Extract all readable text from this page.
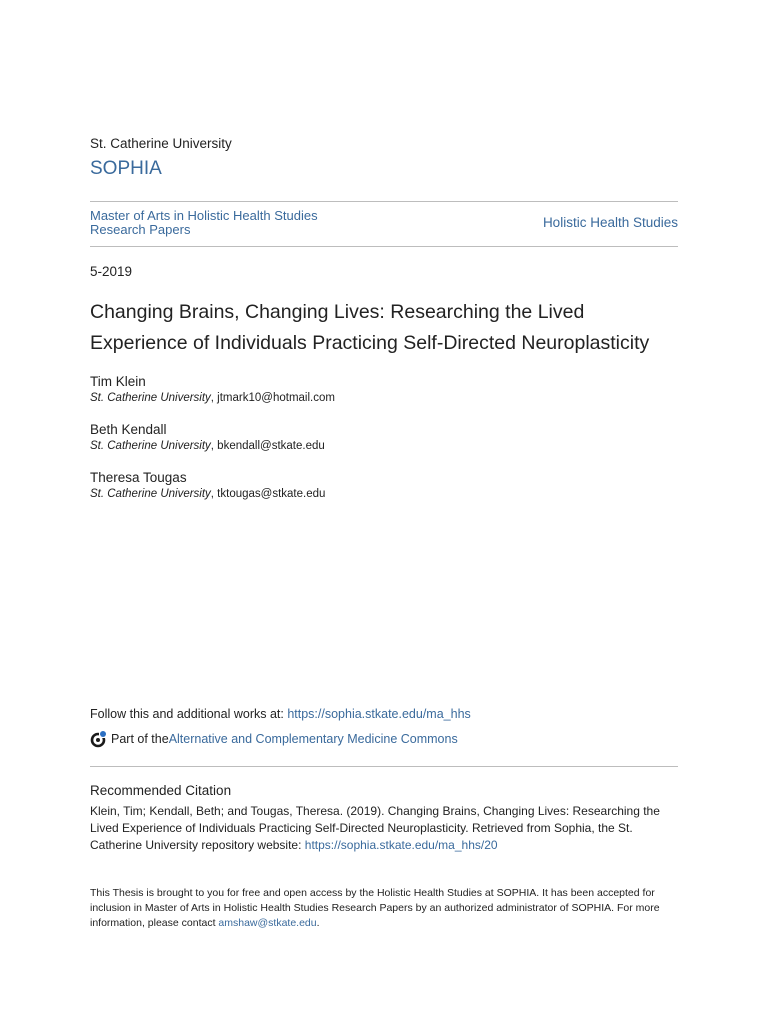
St. Catherine University
SOPHIA
Master of Arts in Holistic Health Studies
Research Papers	Holistic Health Studies
5-2019
Changing Brains, Changing Lives: Researching the Lived Experience of Individuals Practicing Self-Directed Neuroplasticity
Tim Klein
St. Catherine University, jtmark10@hotmail.com
Beth Kendall
St. Catherine University, bkendall@stkate.edu
Theresa Tougas
St. Catherine University, tktougas@stkate.edu
Follow this and additional works at: https://sophia.stkate.edu/ma_hhs
Part of the Alternative and Complementary Medicine Commons
Recommended Citation
Klein, Tim; Kendall, Beth; and Tougas, Theresa. (2019). Changing Brains, Changing Lives: Researching the Lived Experience of Individuals Practicing Self-Directed Neuroplasticity. Retrieved from Sophia, the St. Catherine University repository website: https://sophia.stkate.edu/ma_hhs/20
This Thesis is brought to you for free and open access by the Holistic Health Studies at SOPHIA. It has been accepted for inclusion in Master of Arts in Holistic Health Studies Research Papers by an authorized administrator of SOPHIA. For more information, please contact amshaw@stkate.edu.
